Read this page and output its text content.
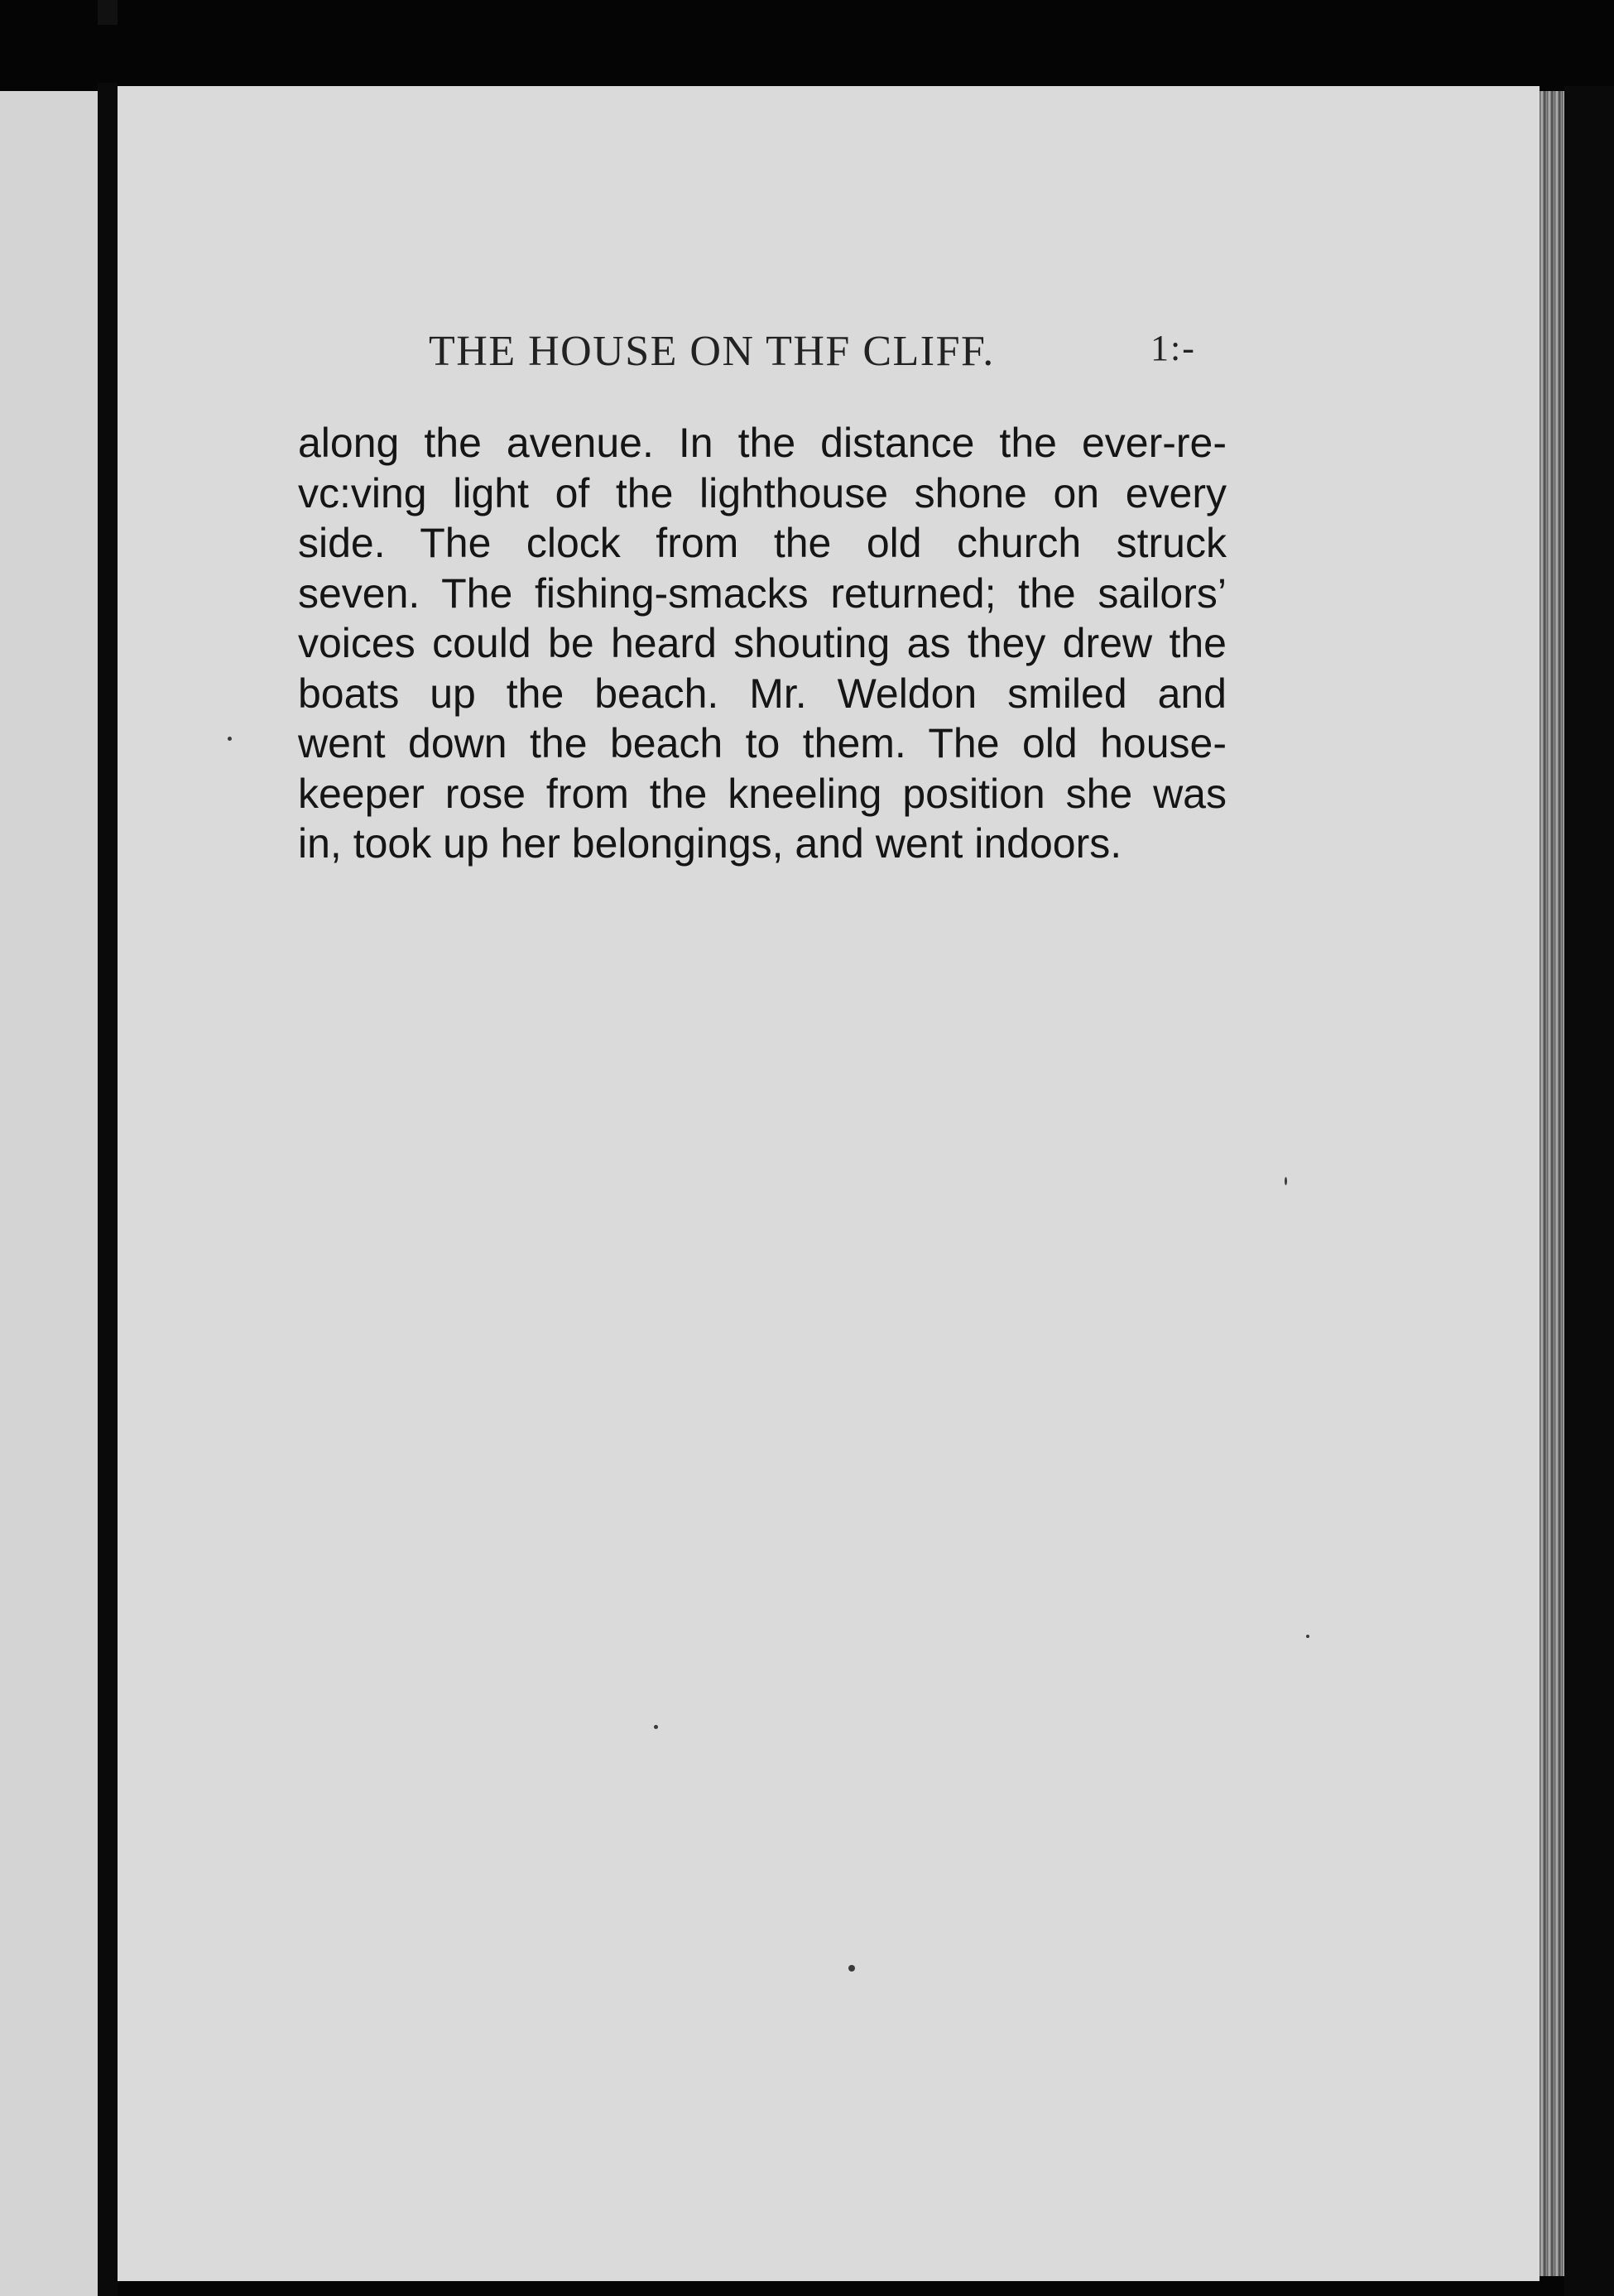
THE HOUSE ON THF CLIFF.	1:-
along the avenue. In the distance the ever-re-
vc:ving light of the lighthouse shone on every
side. The clock from the old church struck
seven. The fishing-smacks returned; the sailors’
voices could be heard shouting as they drew the
boats up the beach. Mr. Weldon smiled and
went down the beach to them. The old house-
keeper rose from the kneeling position she was
in, took up her belongings, and went indoors.
